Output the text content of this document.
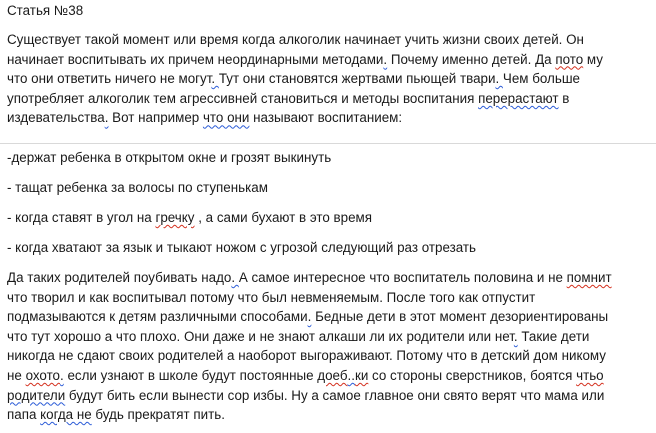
Статья №38
Существует такой момент или время когда алкоголик начинает учить жизни своих детей. Он
начинает воспитывать их причем неординарными методами. Почему именно детей. Да пото му
что они ответить ничего не могут. Тут они становятся жертвами пьющей твари. Чем больше
употребляет алкоголик тем агрессивней становиться и методы воспитания перерастают в
издевательства. Вот например что они называют воспитанием:
-держат ребенка в открытом окне и грозят выкинуть
- тащат ребенка за волосы по ступенькам
- когда ставят в угол на гречку , а сами бухают в это время
- когда хватают за язык и тыкают ножом с угрозой следующий раз отрезать
Да таких родителей поубивать надо. А самое интересное что воспитатель половина и не помнит
что творил и как воспитывал потому что был невменяемым. После того как отпустит
подмазываются к детям различными способами. Бедные дети в этот момент дезориентированы
что тут хорошо а что плохо. Они даже и не знают алкаши ли их родители или нет. Такие дети
никогда не сдают своих родителей а наоборот выгораживают. Потому что в детский дом никому
не охото. если узнают в школе будут постоянные доеб..ки со стороны сверстников, боятся чтьо
родители будут бить если вынести сор избы. Ну а самое главное они свято верят что мама или
папа когда не будь прекратят пить.
